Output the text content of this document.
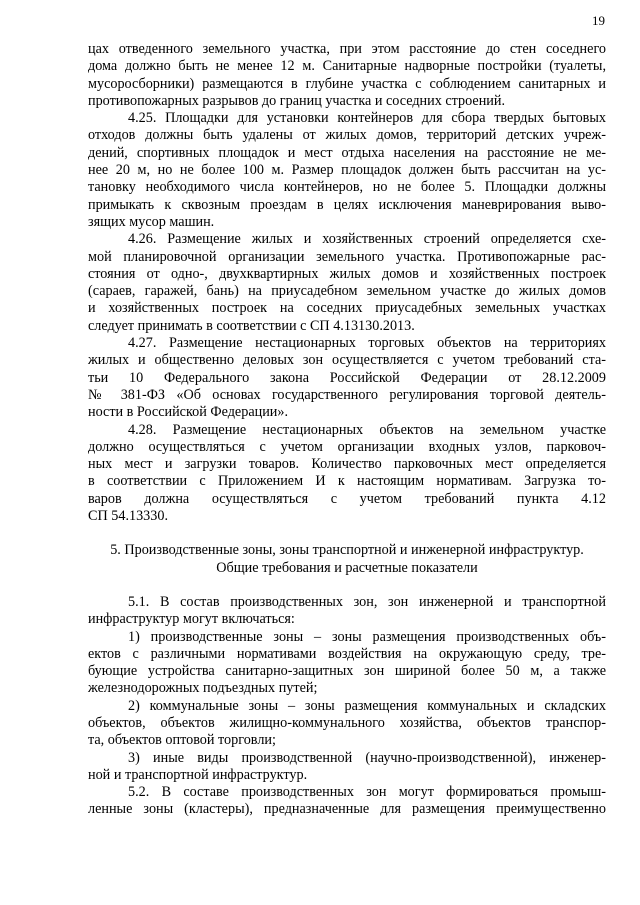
19
цах отведенного земельного участка, при этом расстояние до стен соседнего
дома должно быть не менее 12 м. Санитарные надворные постройки (туалеты,
мусоросборники) размещаются в глубине участка с соблюдением санитарных и
противопожарных разрывов до границ участка и соседних строений.
4.25. Площадки для установки контейнеров для сбора твердых бытовых
отходов должны быть удалены от жилых домов, территорий детских учреж-
дений, спортивных площадок и мест отдыха населения на расстояние не ме-
нее 20 м, но не более 100 м. Размер площадок должен быть рассчитан на ус-
тановку необходимого числа контейнеров, но не более 5. Площадки должны
примыкать к сквозным проездам в целях исключения маневрирования выво-
зящих мусор машин.
4.26. Размещение жилых и хозяйственных строений определяется схе-
мой планировочной организации земельного участка. Противопожарные рас-
стояния от одно-, двухквартирных жилых домов и хозяйственных построек
(сараев, гаражей, бань) на приусадебном земельном участке до жилых домов
и хозяйственных построек на соседних приусадебных земельных участках
следует принимать в соответствии с СП 4.13130.2013.
4.27. Размещение нестационарных торговых объектов на территориях
жилых и общественно деловых зон осуществляется с учетом требований ста-
тьи 10 Федерального закона Российской Федерации от 28.12.2009
№ 381-ФЗ «Об основах государственного регулирования торговой деятель-
ности в Российской Федерации».
4.28. Размещение нестационарных объектов на земельном участке
должно осуществляться с учетом организации входных узлов, парковоч-
ных мест и загрузки товаров. Количество парковочных мест определяется
в соответствии с Приложением И к настоящим нормативам. Загрузка то-
варов должна осуществляться с учетом требований пункта 4.12
СП 54.13330.
5. Производственные зоны, зоны транспортной и инженерной инфраструктур.
Общие требования и расчетные показатели
5.1. В состав производственных зон, зон инженерной и транспортной
инфраструктур могут включаться:
1) производственные зоны – зоны размещения производственных объ-
ектов с различными нормативами воздействия на окружающую среду, тре-
бующие устройства санитарно-защитных зон шириной более 50 м, а также
железнодорожных подъездных путей;
2) коммунальные зоны – зоны размещения коммунальных и складских
объектов, объектов жилищно-коммунального хозяйства, объектов транспор-
та, объектов оптовой торговли;
3) иные виды производственной (научно-производственной), инженер-
ной и транспортной инфраструктур.
5.2. В составе производственных зон могут формироваться промыш-
ленные зоны (кластеры), предназначенные для размещения преимущественно
